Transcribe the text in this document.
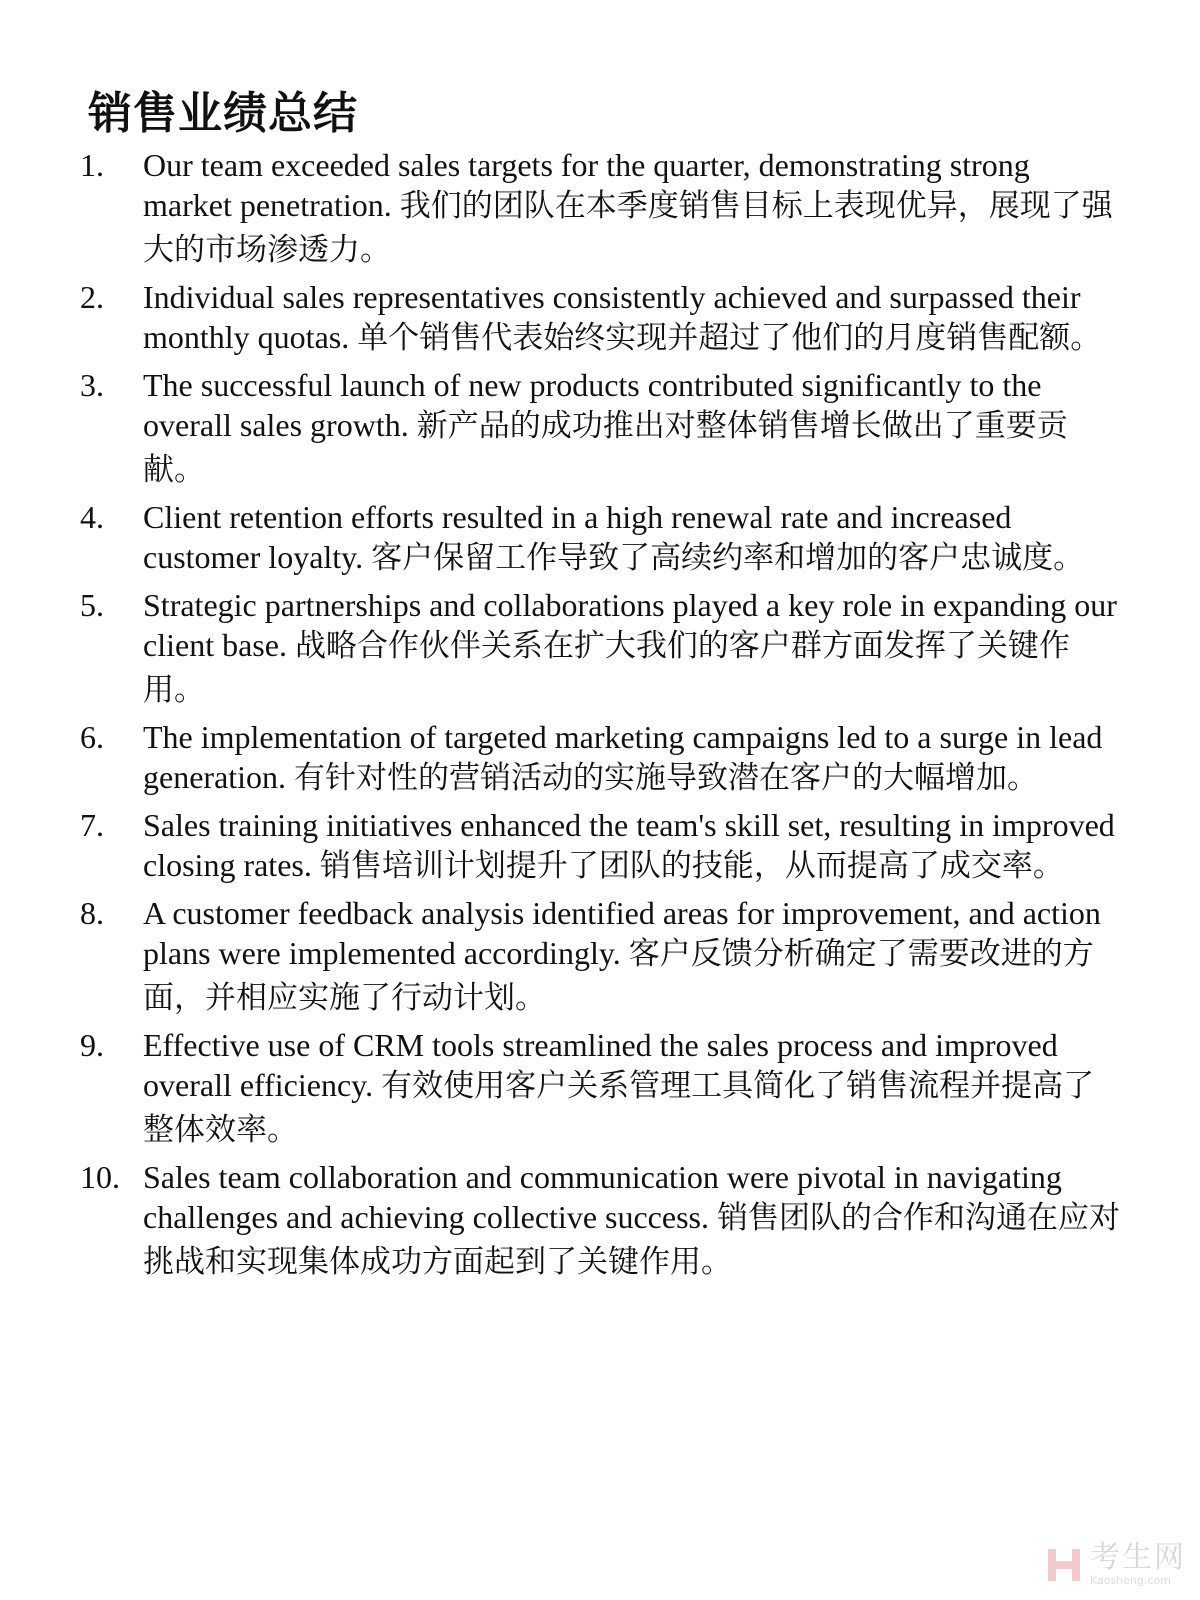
销售业绩总结
1.	Our team exceeded sales targets for the quarter, demonstrating strong market penetration. 我们的团队在本季度销售目标上表现优异，展现了强大的市场渗透力。
2.	Individual sales representatives consistently achieved and surpassed their monthly quotas. 单个销售代表始终实现并超过了他们的月度销售配额。
3.	The successful launch of new products contributed significantly to the overall sales growth. 新产品的成功推出对整体销售增长做出了重要贡献。
4.	Client retention efforts resulted in a high renewal rate and increased customer loyalty. 客户保留工作导致了高续约率和增加的客户忠诚度。
5.	Strategic partnerships and collaborations played a key role in expanding our client base. 战略合作伙伴关系在扩大我们的客户群方面发挥了关键作用。
6.	The implementation of targeted marketing campaigns led to a surge in lead generation. 有针对性的营销活动的实施导致潜在客户的大幅增加。
7.	Sales training initiatives enhanced the team's skill set, resulting in improved closing rates. 销售培训计划提升了团队的技能，从而提高了成交率。
8.	A customer feedback analysis identified areas for improvement, and action plans were implemented accordingly. 客户反馈分析确定了需要改进的方面，并相应实施了行动计划。
9.	Effective use of CRM tools streamlined the sales process and improved overall efficiency. 有效使用客户关系管理工具简化了销售流程并提高了整体效率。
10. Sales team collaboration and communication were pivotal in navigating challenges and achieving collective success. 销售团队的合作和沟通在应对挑战和实现集体成功方面起到了关键作用。
考生网
Kaosheng.com
